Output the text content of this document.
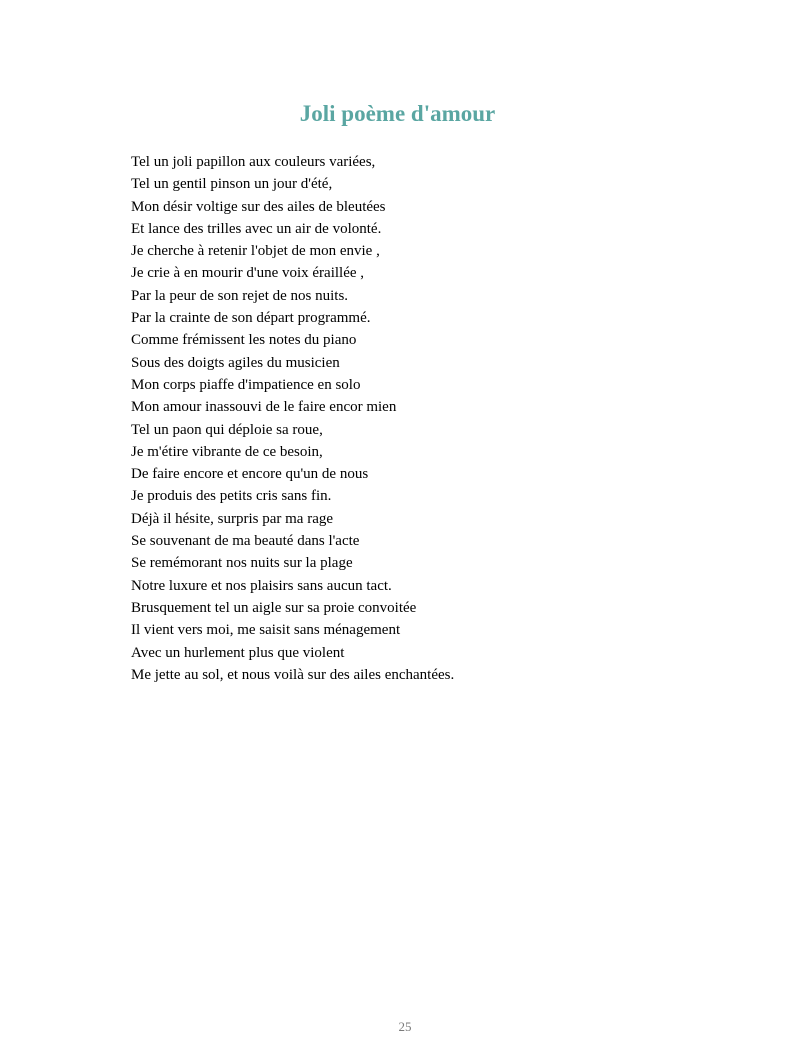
Joli poème d'amour
Tel un joli papillon aux couleurs variées,
Tel un gentil pinson un jour d'été,
Mon désir voltige sur des ailes de bleutées
Et lance des trilles avec un air de volonté.
Je cherche à retenir l'objet de mon envie ,
Je crie à en mourir d'une voix éraillée ,
Par la peur de son rejet de nos nuits.
Par la crainte de son départ programmé.
Comme frémissent les notes du piano
Sous des doigts agiles du musicien
Mon corps piaffe d'impatience en solo
Mon amour inassouvi de le faire encor mien
Tel un paon qui déploie sa roue,
Je m'étire vibrante de ce besoin,
De faire encore et encore qu'un de nous
Je produis des petits cris sans fin.
Déjà il hésite, surpris par ma rage
Se souvenant de ma beauté dans l'acte
Se remémorant nos nuits sur la plage
Notre luxure et nos plaisirs sans aucun tact.
Brusquement tel un aigle sur sa proie convoitée
Il vient vers moi, me saisit sans ménagement
Avec un hurlement plus que violent
Me jette au sol, et nous voilà sur des ailes enchantées.
25
